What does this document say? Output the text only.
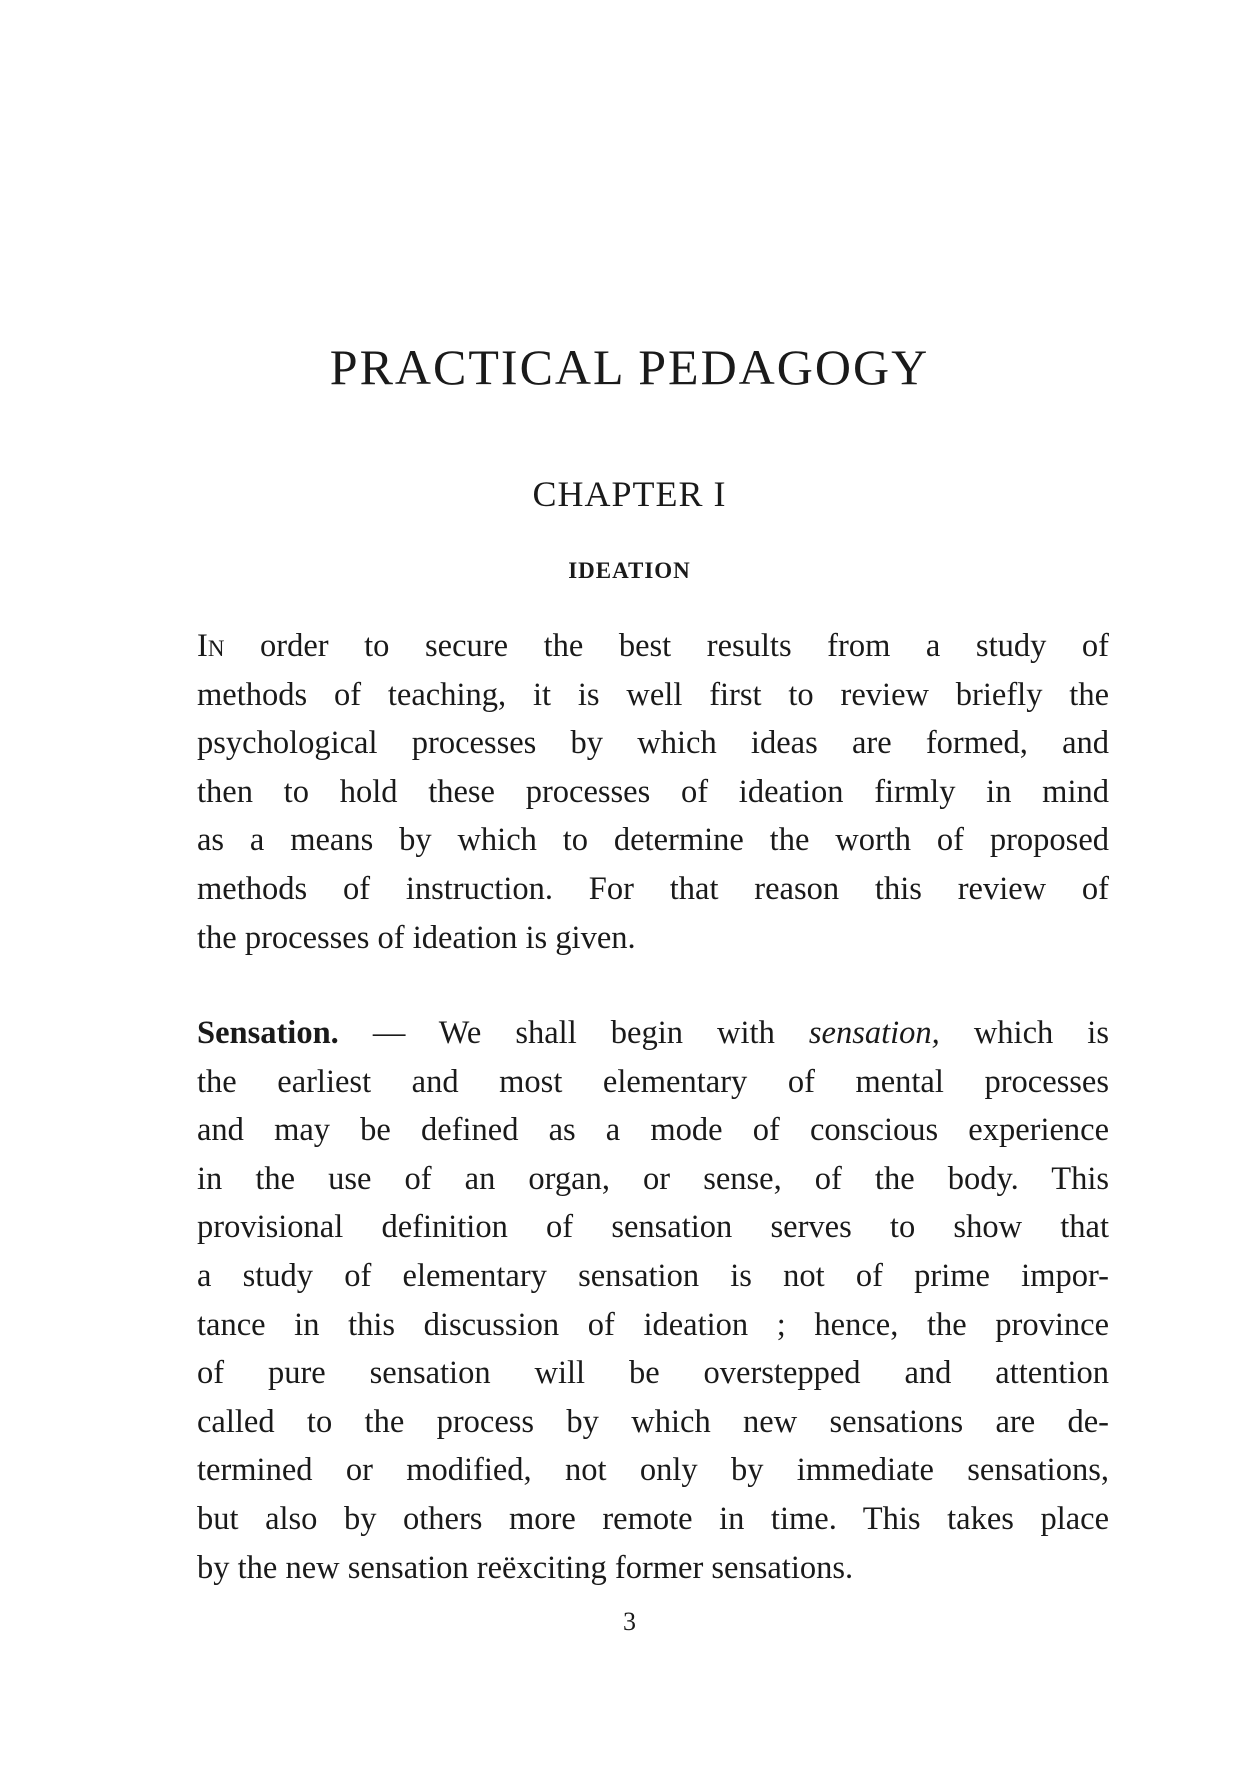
PRACTICAL PEDAGOGY
CHAPTER I
IDEATION
In order to secure the best results from a study of
methods of teaching, it is well first to review briefly the
psychological processes by which ideas are formed, and
then to hold these processes of ideation firmly in mind
as a means by which to determine the worth of proposed
methods of instruction. For that reason this review of
the processes of ideation is given.
Sensation. — We shall begin with sensation, which is
the earliest and most elementary of mental processes
and may be defined as a mode of conscious experience
in the use of an organ, or sense, of the body. This
provisional definition of sensation serves to show that
a study of elementary sensation is not of prime impor-
tance in this discussion of ideation ; hence, the province
of pure sensation will be overstepped and attention
called to the process by which new sensations are de-
termined or modified, not only by immediate sensations,
but also by others more remote in time. This takes place
by the new sensation reëxciting former sensations.
3
